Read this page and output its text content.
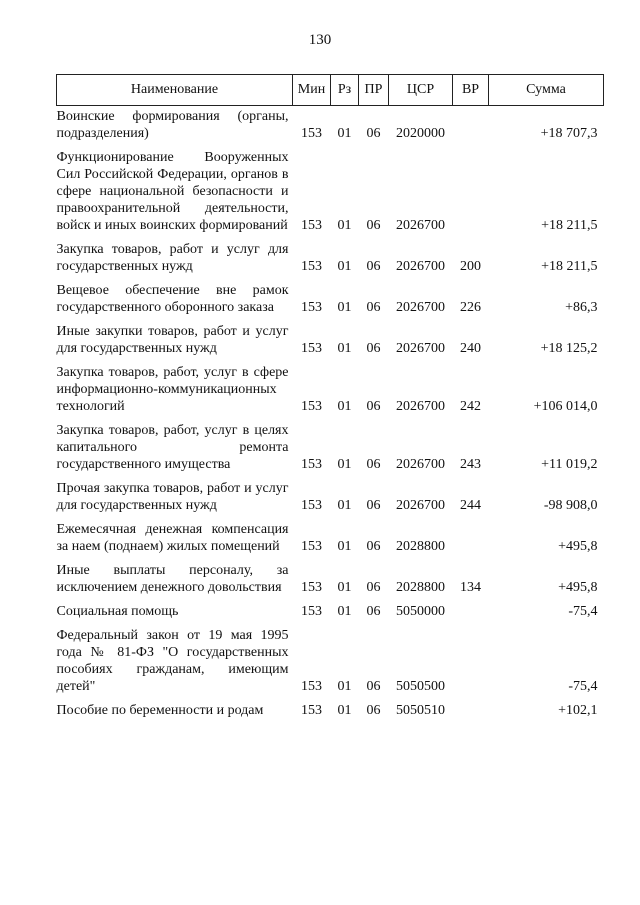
130
Наименование	Мин	Рз	ПР	ЦСР	ВР	Сумма
Воинские формирования (органы, подразделения)	153	01	06	2020000		+18 707,3
Функционирование Вооруженных Сил Российской Федерации, органов в сфере национальной безопасности и правоохранительной деятельности, войск и иных воинских формирований	153	01	06	2026700		+18 211,5
Закупка товаров, работ и услуг для государственных нужд	153	01	06	2026700	200	+18 211,5
Вещевое обеспечение вне рамок государственного оборонного заказа	153	01	06	2026700	226	+86,3
Иные закупки товаров, работ и услуг для государственных нужд	153	01	06	2026700	240	+18 125,2
Закупка товаров, работ, услуг в сфере информационно-коммуникационных технологий	153	01	06	2026700	242	+106 014,0
Закупка товаров, работ, услуг в целях капитального ремонта государственного имущества	153	01	06	2026700	243	+11 019,2
Прочая закупка товаров, работ и услуг для государственных нужд	153	01	06	2026700	244	-98 908,0
Ежемесячная денежная компенсация за наем (поднаем) жилых помещений	153	01	06	2028800		+495,8
Иные выплаты персоналу, за исключением денежного довольствия	153	01	06	2028800	134	+495,8
Социальная помощь	153	01	06	5050000		-75,4
Федеральный закон от 19 мая 1995 года № 81-ФЗ "О государственных пособиях гражданам, имеющим детей"	153	01	06	5050500		-75,4
Пособие по беременности и родам	153	01	06	5050510		+102,1
